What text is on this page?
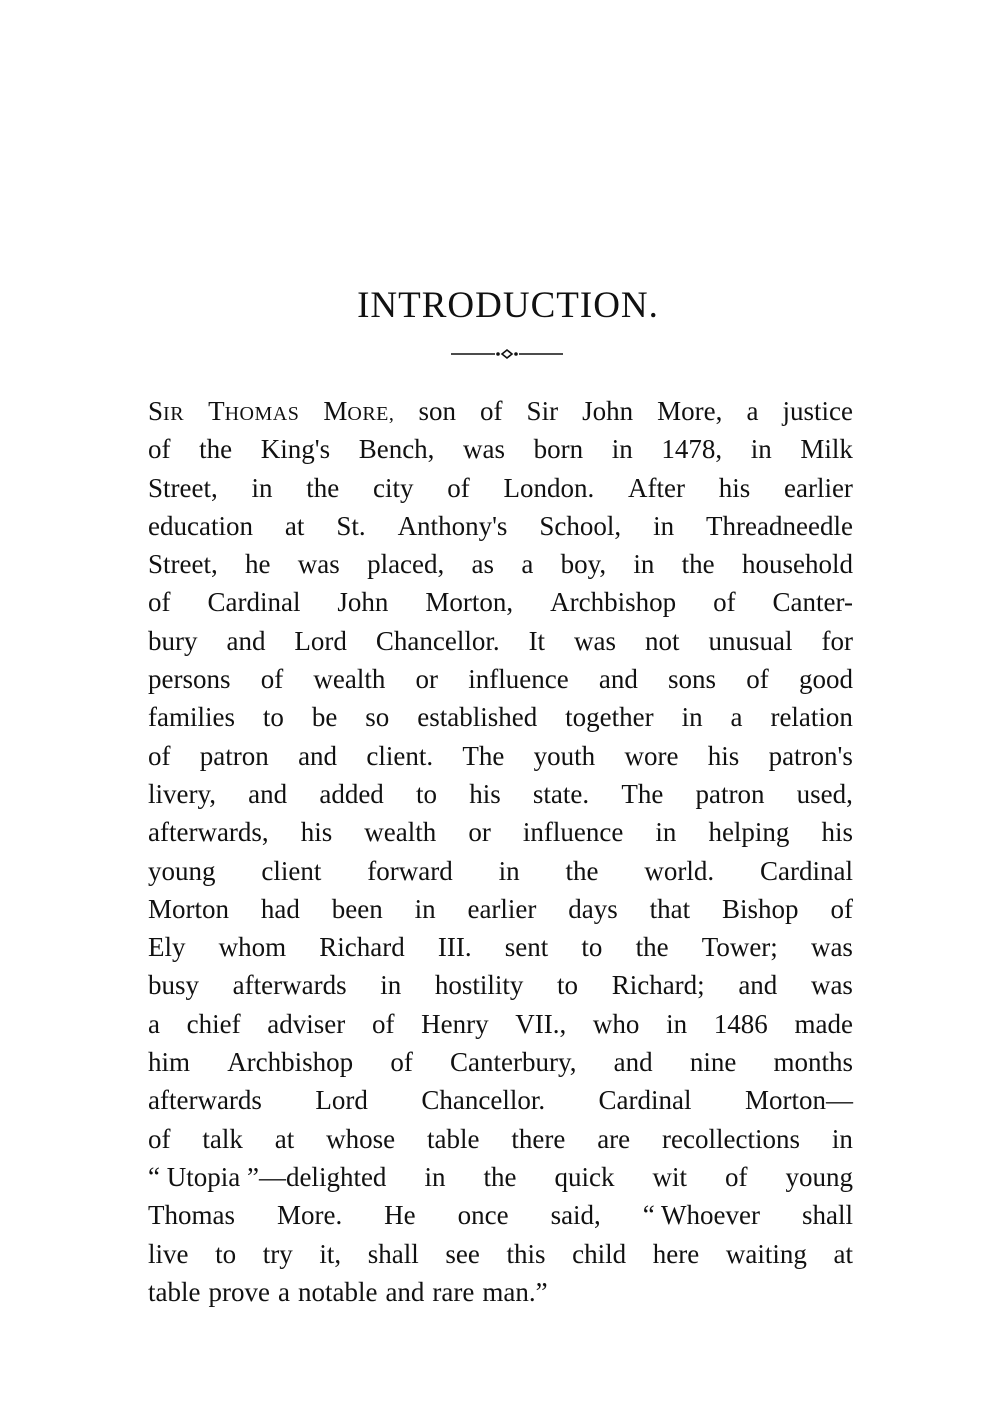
INTRODUCTION.
SIR THOMAS MORE, son of Sir John More, a justice
of the King's Bench, was born in 1478, in Milk
Street, in the city of London. After his earlier
education at St. Anthony's School, in Threadneedle
Street, he was placed, as a boy, in the household
of Cardinal John Morton, Archbishop of Canter-
bury and Lord Chancellor. It was not unusual for
persons of wealth or influence and sons of good
families to be so established together in a relation
of patron and client. The youth wore his patron's
livery, and added to his state. The patron used,
afterwards, his wealth or influence in helping his
young client forward in the world. Cardinal
Morton had been in earlier days that Bishop of
Ely whom Richard III. sent to the Tower; was
busy afterwards in hostility to Richard; and was
a chief adviser of Henry VII., who in 1486 made
him Archbishop of Canterbury, and nine months
afterwards Lord Chancellor. Cardinal Morton—
of talk at whose table there are recollections in
“ Utopia ”—delighted in the quick wit of young
Thomas More. He once said, “ Whoever shall
live to try it, shall see this child here waiting at
table prove a notable and rare man.”
